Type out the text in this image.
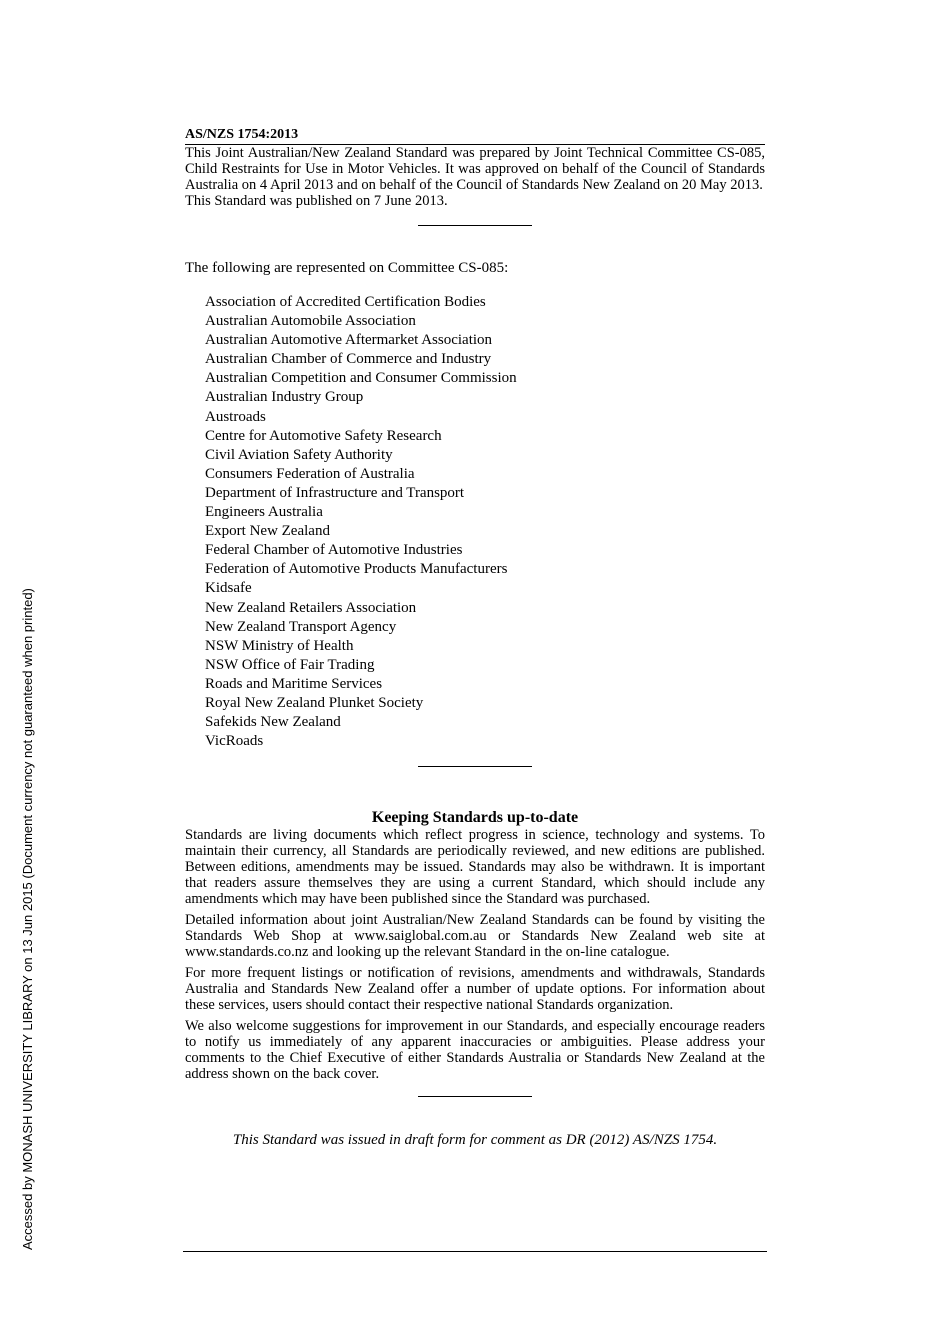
AS/NZS 1754:2013

This Joint Australian/New Zealand Standard was prepared by Joint Technical Committee CS-085, Child Restraints for Use in Motor Vehicles. It was approved on behalf of the Council of Standards Australia on 4 April 2013 and on behalf of the Council of Standards New Zealand on 20 May 2013.

This Standard was published on 7 June 2013.

The following are represented on Committee CS-085:

Association of Accredited Certification Bodies
Australian Automobile Association
Australian Automotive Aftermarket Association
Australian Chamber of Commerce and Industry
Australian Competition and Consumer Commission
Australian Industry Group
Austroads
Centre for Automotive Safety Research
Civil Aviation Safety Authority
Consumers Federation of Australia
Department of Infrastructure and Transport
Engineers Australia
Export New Zealand
Federal Chamber of Automotive Industries
Federation of Automotive Products Manufacturers
Kidsafe
New Zealand Retailers Association
New Zealand Transport Agency
NSW Ministry of Health
NSW Office of Fair Trading
Roads and Maritime Services
Royal New Zealand Plunket Society
Safekids New Zealand
VicRoads

Keeping Standards up-to-date

Standards are living documents which reflect progress in science, technology and systems. To maintain their currency, all Standards are periodically reviewed, and new editions are published. Between editions, amendments may be issued. Standards may also be withdrawn. It is important that readers assure themselves they are using a current Standard, which should include any amendments which may have been published since the Standard was purchased.

Detailed information about joint Australian/New Zealand Standards can be found by visiting the Standards Web Shop at www.saiglobal.com.au or Standards New Zealand web site at www.standards.co.nz and looking up the relevant Standard in the on-line catalogue.

For more frequent listings or notification of revisions, amendments and withdrawals, Standards Australia and Standards New Zealand offer a number of update options. For information about these services, users should contact their respective national Standards organization.

We also welcome suggestions for improvement in our Standards, and especially encourage readers to notify us immediately of any apparent inaccuracies or ambiguities. Please address your comments to the Chief Executive of either Standards Australia or Standards New Zealand at the address shown on the back cover.

This Standard was issued in draft form for comment as DR (2012) AS/NZS 1754.

Accessed by MONASH UNIVERSITY LIBRARY on 13 Jun 2015 (Document currency not guaranteed when printed)
